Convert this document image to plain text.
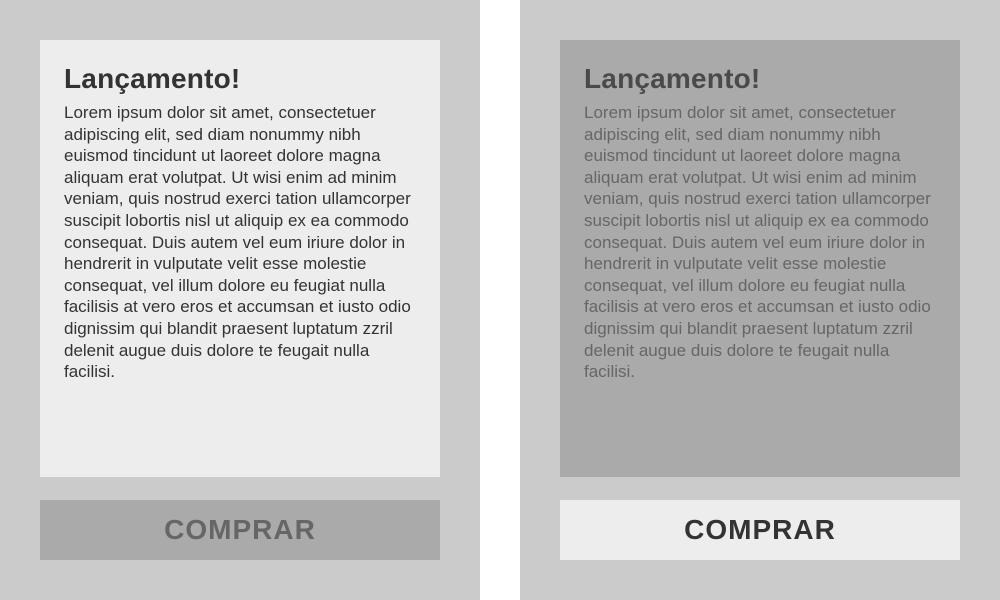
Lançamento!

Lorem ipsum dolor sit amet, consectetuer adipiscing elit, sed diam nonummy nibh euismod tincidunt ut laoreet dolore magna aliquam erat volutpat. Ut wisi enim ad minim veniam, quis nostrud exerci tation ullamcorper suscipit lobortis nisl ut aliquip ex ea commodo consequat. Duis autem vel eum iriure dolor in hendrerit in vulputate velit esse molestie consequat, vel illum dolore eu feugiat nulla facilisis at vero eros et accumsan et iusto odio dignissim qui blandit praesent luptatum zzril delenit augue duis dolore te feugait nulla facilisi.

COMPRAR
Lançamento!

Lorem ipsum dolor sit amet, consectetuer adipiscing elit, sed diam nonummy nibh euismod tincidunt ut laoreet dolore magna aliquam erat volutpat. Ut wisi enim ad minim veniam, quis nostrud exerci tation ullamcorper suscipit lobortis nisl ut aliquip ex ea commodo consequat. Duis autem vel eum iriure dolor in hendrerit in vulputate velit esse molestie consequat, vel illum dolore eu feugiat nulla facilisis at vero eros et accumsan et iusto odio dignissim qui blandit praesent luptatum zzril delenit augue duis dolore te feugait nulla facilisi.

COMPRAR
